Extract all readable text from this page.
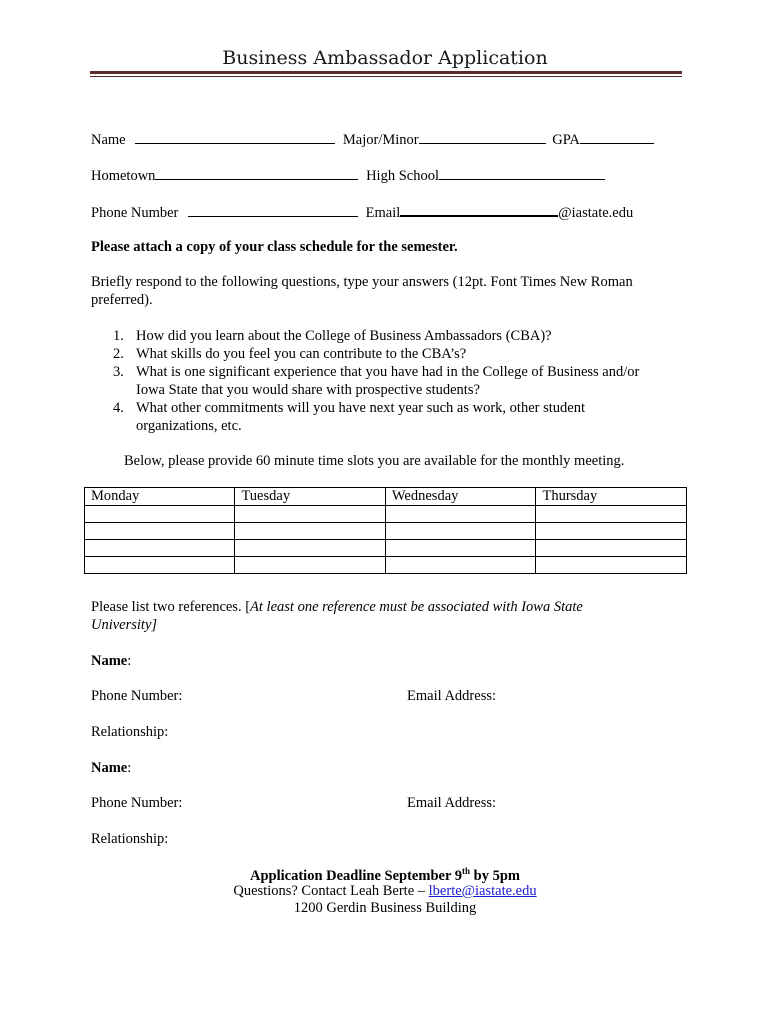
Business Ambassador Application
Name	Major/Minor	GPA
Hometown	High School
Phone Number	Email	@iastate.edu
Please attach a copy of your class schedule for the semester.
Briefly respond to the following questions, type your answers (12pt. Font Times New Roman
preferred).
1. How did you learn about the College of Business Ambassadors (CBA)?
2. What skills do you feel you can contribute to the CBA’s?
3. What is one significant experience that you have had in the College of Business and/or
Iowa State that you would share with prospective students?
4. What other commitments will you have next year such as work, other student
organizations, etc.
Below, please provide 60 minute time slots you are available for the monthly meeting.
Monday	Tuesday	Wednesday	Thursday

Please list two references. [At least one reference must be associated with Iowa State
University]
Name:
Phone Number:	Email Address:
Relationship:
Name:
Phone Number:	Email Address:
Relationship:
Application Deadline September 9th by 5pm
Questions? Contact Leah Berte – lberte@iastate.edu
1200 Gerdin Business Building
